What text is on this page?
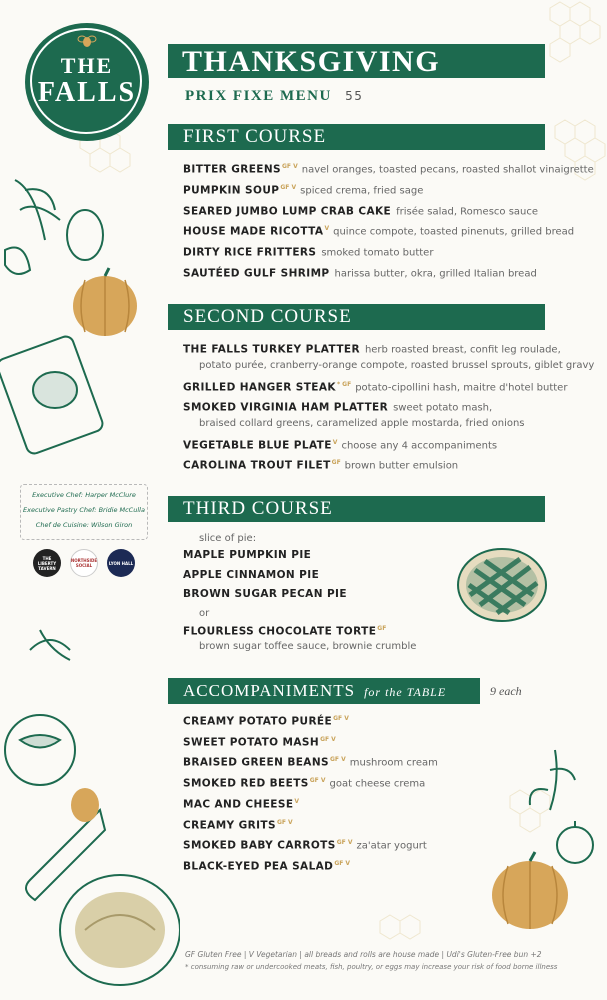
THE
FALLS
THANKSGIVING
PRIX FIXE MENU 55
FIRST COURSE
BITTER $GREENS^{GF V}$ navel oranges, toasted pecans, roasted shallot vinaigrette
PUMPKIN $SOUP^{GF V}$ spiced crema, fried sage
SEARED JUMBO LUMP CRAB CAKE frisée salad, Romesco sauce
HOUSE MADE $RICOTTA^V$ quince compote, toasted pinenuts, grilled bread
DIRTY RICE FRITTERS smoked tomato butter
SAUTÉED GULF SHRIMP harissa butter, okra, grilled Italian bread
SECOND COURSE
THE FALLS TURKEY PLATTER herb roasted breast, confit leg roulade,
potato purée, cranberry-orange compote, roasted brussel sprouts, giblet gravy
GRILLED HANGER $STEAK^{* GF}$ potato-cipollini hash, maitre d'hotel butter
SMOKED VIRGINIA HAM PLATTER sweet potato mash,
braised collard greens, caramelized apple mostarda, fried onions
VEGETABLE BLUE $PLATE^V$ choose any 4 accompaniments
CAROLINA TROUT $FILET^{GF}$ brown butter emulsion
THIRD COURSE
slice of pie:
MAPLE PUMPKIN PIE
APPLE CINNAMON PIE
BROWN SUGAR PECAN PIE
or
FLOURLESS CHOCOLATE $TORTE^{GF}$
brown sugar toffee sauce, brownie crumble
ACCOMPANIMENTS for the TABLE	9 each
CREAMY POTATO $PURÉE^{GF V}$
SWEET POTATO $MASH^{GF V}$
BRAISED GREEN $BEANS^{GF V}$ mushroom cream
SMOKED RED $BEETS^{GF V}$ goat cheese crema
MAC AND $CHEESE^V$
CREAMY $GRITS^{GF V}$
SMOKED BABY $CARROTS^{GF V}$ za'atar yogurt
BLACK-EYED PEA $SALAD^{GF V}$
Executive Chef: Harper McClure
Executive Pastry Chef: Bridie McCulla
Chef de Cuisine: Wilson Giron
THE LIBERTY TAVERN
NORTHSIDE SOCIAL	LYON HALL
GF Gluten Free | V Vegetarian | all breads and rolls are house made | Udi's Gluten-Free bun +2
* consuming raw or undercooked meats, fish, poultry, or eggs may increase your risk of food borne illness
